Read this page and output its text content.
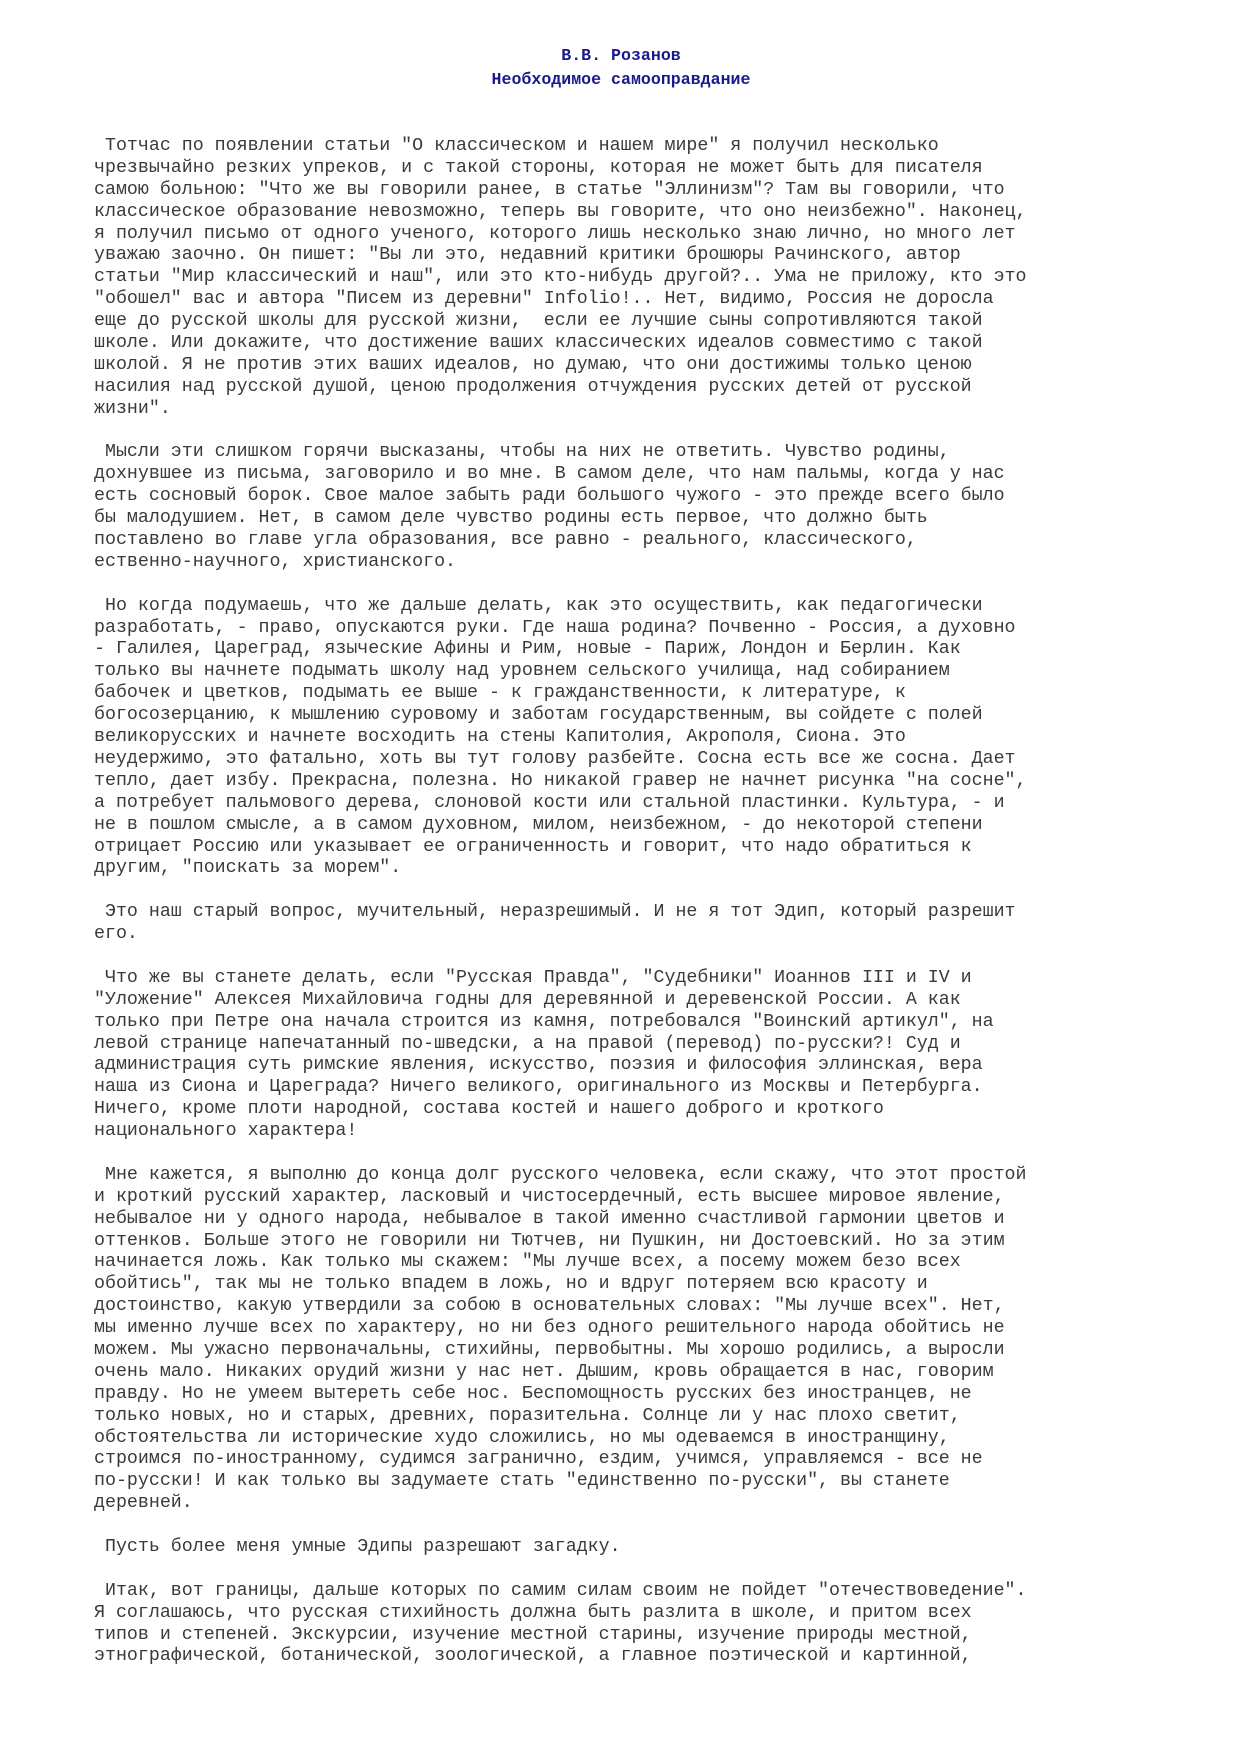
В.В. Розанов
Необходимое самооправдание
Тотчас по появлении статьи "О классическом и нашем мире" я получил несколько
чрезвычайно резких упреков, и с такой стороны, которая не может быть для писателя
самою больною: "Что же вы говорили ранее, в статье "Эллинизм"? Там вы говорили, что
классическое образование невозможно, теперь вы говорите, что оно неизбежно". Наконец,
я получил письмо от одного ученого, которого лишь несколько знаю лично, но много лет
уважаю заочно. Он пишет: "Вы ли это, недавний критики брошюры Рачинского, автор
статьи "Мир классический и наш", или это кто-нибудь другой?.. Ума не приложу, кто это
"обошел" вас и автора "Писем из деревни" Infolio!.. Нет, видимо, Россия не доросла
еще до русской школы для русской жизни,  если ее лучшие сыны сопротивляются такой
школе. Или докажите, что достижение ваших классических идеалов совместимо с такой
школой. Я не против этих ваших идеалов, но думаю, что они достижимы только ценою
насилия над русской душой, ценою продолжения отчуждения русских детей от русской
жизни".
Мысли эти слишком горячи высказаны, чтобы на них не ответить. Чувство родины,
дохнувшее из письма, заговорило и во мне. В самом деле, что нам пальмы, когда у нас
есть сосновый борок. Свое малое забыть ради большого чужого - это прежде всего было
бы малодушием. Нет, в самом деле чувство родины есть первое, что должно быть
поставлено во главе угла образования, все равно - реального, классического,
ественно-научного, христианского.
Но когда подумаешь, что же дальше делать, как это осуществить, как педагогически
разработать, - право, опускаются руки. Где наша родина? Почвенно - Россия, а духовно
- Галилея, Цареград, языческие Афины и Рим, новые - Париж, Лондон и Берлин. Как
только вы начнете подымать школу над уровнем сельского училища, над собиранием
бабочек и цветков, подымать ее выше - к гражданственности, к литературе, к
богосозерцанию, к мышлению суровому и заботам государственным, вы сойдете с полей
великорусских и начнете восходить на стены Капитолия, Акрополя, Сиона. Это
неудержимо, это фатально, хоть вы тут голову разбейте. Сосна есть все же сосна. Дает
тепло, дает избу. Прекрасна, полезна. Но никакой гравер не начнет рисунка "на сосне",
а потребует пальмового дерева, слоновой кости или стальной пластинки. Культура, - и
не в пошлом смысле, а в самом духовном, милом, неизбежном, - до некоторой степени
отрицает Россию или указывает ее ограниченность и говорит, что надо обратиться к
другим, "поискать за морем".
Это наш старый вопрос, мучительный, неразрешимый. И не я тот Эдип, который разрешит
его.
Что же вы станете делать, если "Русская Правда", "Судебники" Иоаннов III и IV и
"Уложение" Алексея Михайловича годны для деревянной и деревенской России. А как
только при Петре она начала строится из камня, потребовался "Воинский артикул", на
левой странице напечатанный по-шведски, а на правой (перевод) по-русски?! Суд и
администрация суть римские явления, искусство, поэзия и философия эллинская, вера
наша из Сиона и Цареграда? Ничего великого, оригинального из Москвы и Петербурга.
Ничего, кроме плоти народной, состава костей и нашего доброго и кроткого
национального характера!
Мне кажется, я выполню до конца долг русского человека, если скажу, что этот простой
и кроткий русский характер, ласковый и чистосердечный, есть высшее мировое явление,
небывалое ни у одного народа, небывалое в такой именно счастливой гармонии цветов и
оттенков. Больше этого не говорили ни Тютчев, ни Пушкин, ни Достоевский. Но за этим
начинается ложь. Как только мы скажем: "Мы лучше всех, а посему можем безо всех
обойтись", так мы не только впадем в ложь, но и вдруг потеряем всю красоту и
достоинство, какую утвердили за собою в основательных словах: "Мы лучше всех". Нет,
мы именно лучше всех по характеру, но ни без одного решительного народа обойтись не
можем. Мы ужасно первоначальны, стихийны, первобытны. Мы хорошо родились, а выросли
очень мало. Никаких орудий жизни у нас нет. Дышим, кровь обращается в нас, говорим
правду. Но не умеем вытереть себе нос. Беспомощность русских без иностранцев, не
только новых, но и старых, древних, поразительна. Солнце ли у нас плохо светит,
обстоятельства ли исторические худо сложились, но мы одеваемся в иностранщину,
строимся по-иностранному, судимся загранично, ездим, учимся, управляемся - все не
по-русски! И как только вы задумаете стать "единственно по-русски", вы станете
деревней.
Пусть более меня умные Эдипы разрешают загадку.
Итак, вот границы, дальше которых по самим силам своим не пойдет "отечествоведение".
Я соглашаюсь, что русская стихийность должна быть разлита в школе, и притом всех
типов и степеней. Экскурсии, изучение местной старины, изучение природы местной,
этнографической, ботанической, зоологической, а главное поэтической и картинной,
